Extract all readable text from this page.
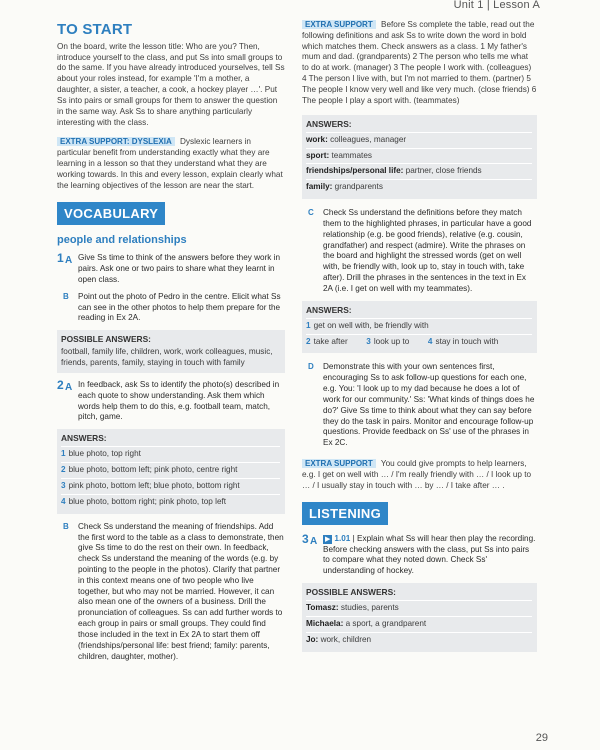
Unit 1 | Lesson A
TO START

On the board, write the lesson title: Who are you? Then, introduce yourself to the class, and put Ss into small groups to do the same. If you have already introduced yourselves, tell Ss about your roles instead, for example 'I'm a mother, a daughter, a sister, a teacher, a cook, a hockey player …'. Put Ss into pairs or small groups for them to answer the question in the same way. Ask Ss to share anything particularly interesting with the class.

EXTRA SUPPORT: DYSLEXIA Dyslexic learners in particular benefit from understanding exactly what they are learning in a lesson so that they understand what they are working towards. In this and every lesson, explain clearly what the learning objectives of the lesson are near the start.

VOCABULARY
people and relationships
1 A Give Ss time to think of the answers before they work in pairs. Ask one or two pairs to share what they learnt in open class.

B	Point out the photo of Pedro in the centre. Elicit what Ss can see in the other photos to help them prepare for the reading in Ex 2A.

POSSIBLE ANSWERS:

football, family life, children, work, work colleagues, music, friends, parents, family, staying in touch with family

2 A In feedback, ask Ss to identify the photo(s) described in each quote to show understanding. Ask them which words help them to do this, e.g. football team, match, pitch, game.

ANSWERS:
1 blue photo, top right
2 blue photo, bottom left; pink photo, centre right
3 pink photo, bottom left; blue photo, bottom right
4 blue photo, bottom right; pink photo, top left
B	Check Ss understand the meaning of friendships. Add the first word to the table as a class to demonstrate, then give Ss time to do the rest on their own. In feedback, check Ss understand the meaning of the words (e.g. by pointing to the people in the photos). Clarify that partner in this context means one of two people who live together, but who may not be married. However, it can also mean one of the owners of a business. Drill the pronunciation of colleagues. Ss can add further words to each group in pairs or small groups. They could find those included in the text in Ex 2A to start them off (friendships/personal life: best friend; family: parents, children, daughter, mother).

EXTRA SUPPORT Before Ss complete the table, read out the following definitions and ask Ss to write down the word in bold which matches them. Check answers as a class. 1 My father's mum and dad. (grandparents) 2 The person who tells me what to do at work. (manager) 3 The people I work with. (colleagues) 4 The person I live with, but I'm not married to them. (partner) 5 The people I know very well and like very much. (close friends) 6 The people I play a sport with. (teammates)

ANSWERS:
work: colleagues, manager
sport: teammates
friendships/personal life: partner, close friends
family: grandparents
C	Check Ss understand the definitions before they match them to the highlighted phrases, in particular have a good relationship (e.g. be good friends), relative (e.g. cousin, grandfather) and respect (admire). Write the phrases on the board and highlight the stressed words (get on well with, be friendly with, look up to, stay in touch with, take after). Drill the phrases in the sentences in the text in Ex 2A (i.e. I get on well with my teammates).

ANSWERS:
1 get on well with, be friendly with
2 take after 3 look up to 4 stay in touch with
D	Demonstrate this with your own sentences first, encouraging Ss to ask follow-up questions for each one, e.g. You: 'I look up to my dad because he does a lot of work for our community.' Ss: 'What kinds of things does he do?' Give Ss time to think about what they can say before they do the task in pairs. Monitor and encourage follow-up questions. Provide feedback on Ss' use of the phrases in Ex 2C.

EXTRA SUPPORT You could give prompts to help learners, e.g. I get on well with … / I'm really friendly with … / I look up to … / I usually stay in touch with … by … / I take after … .

LISTENING
3 A	▶ 1.01 | Explain what Ss will hear then play the recording. Before checking answers with the class, put Ss into pairs to compare what they noted down. Check Ss' understanding of hockey.

POSSIBLE ANSWERS:
Tomasz: studies, parents
Michaela: a sport, a grandparent
Jo: work, children
29
